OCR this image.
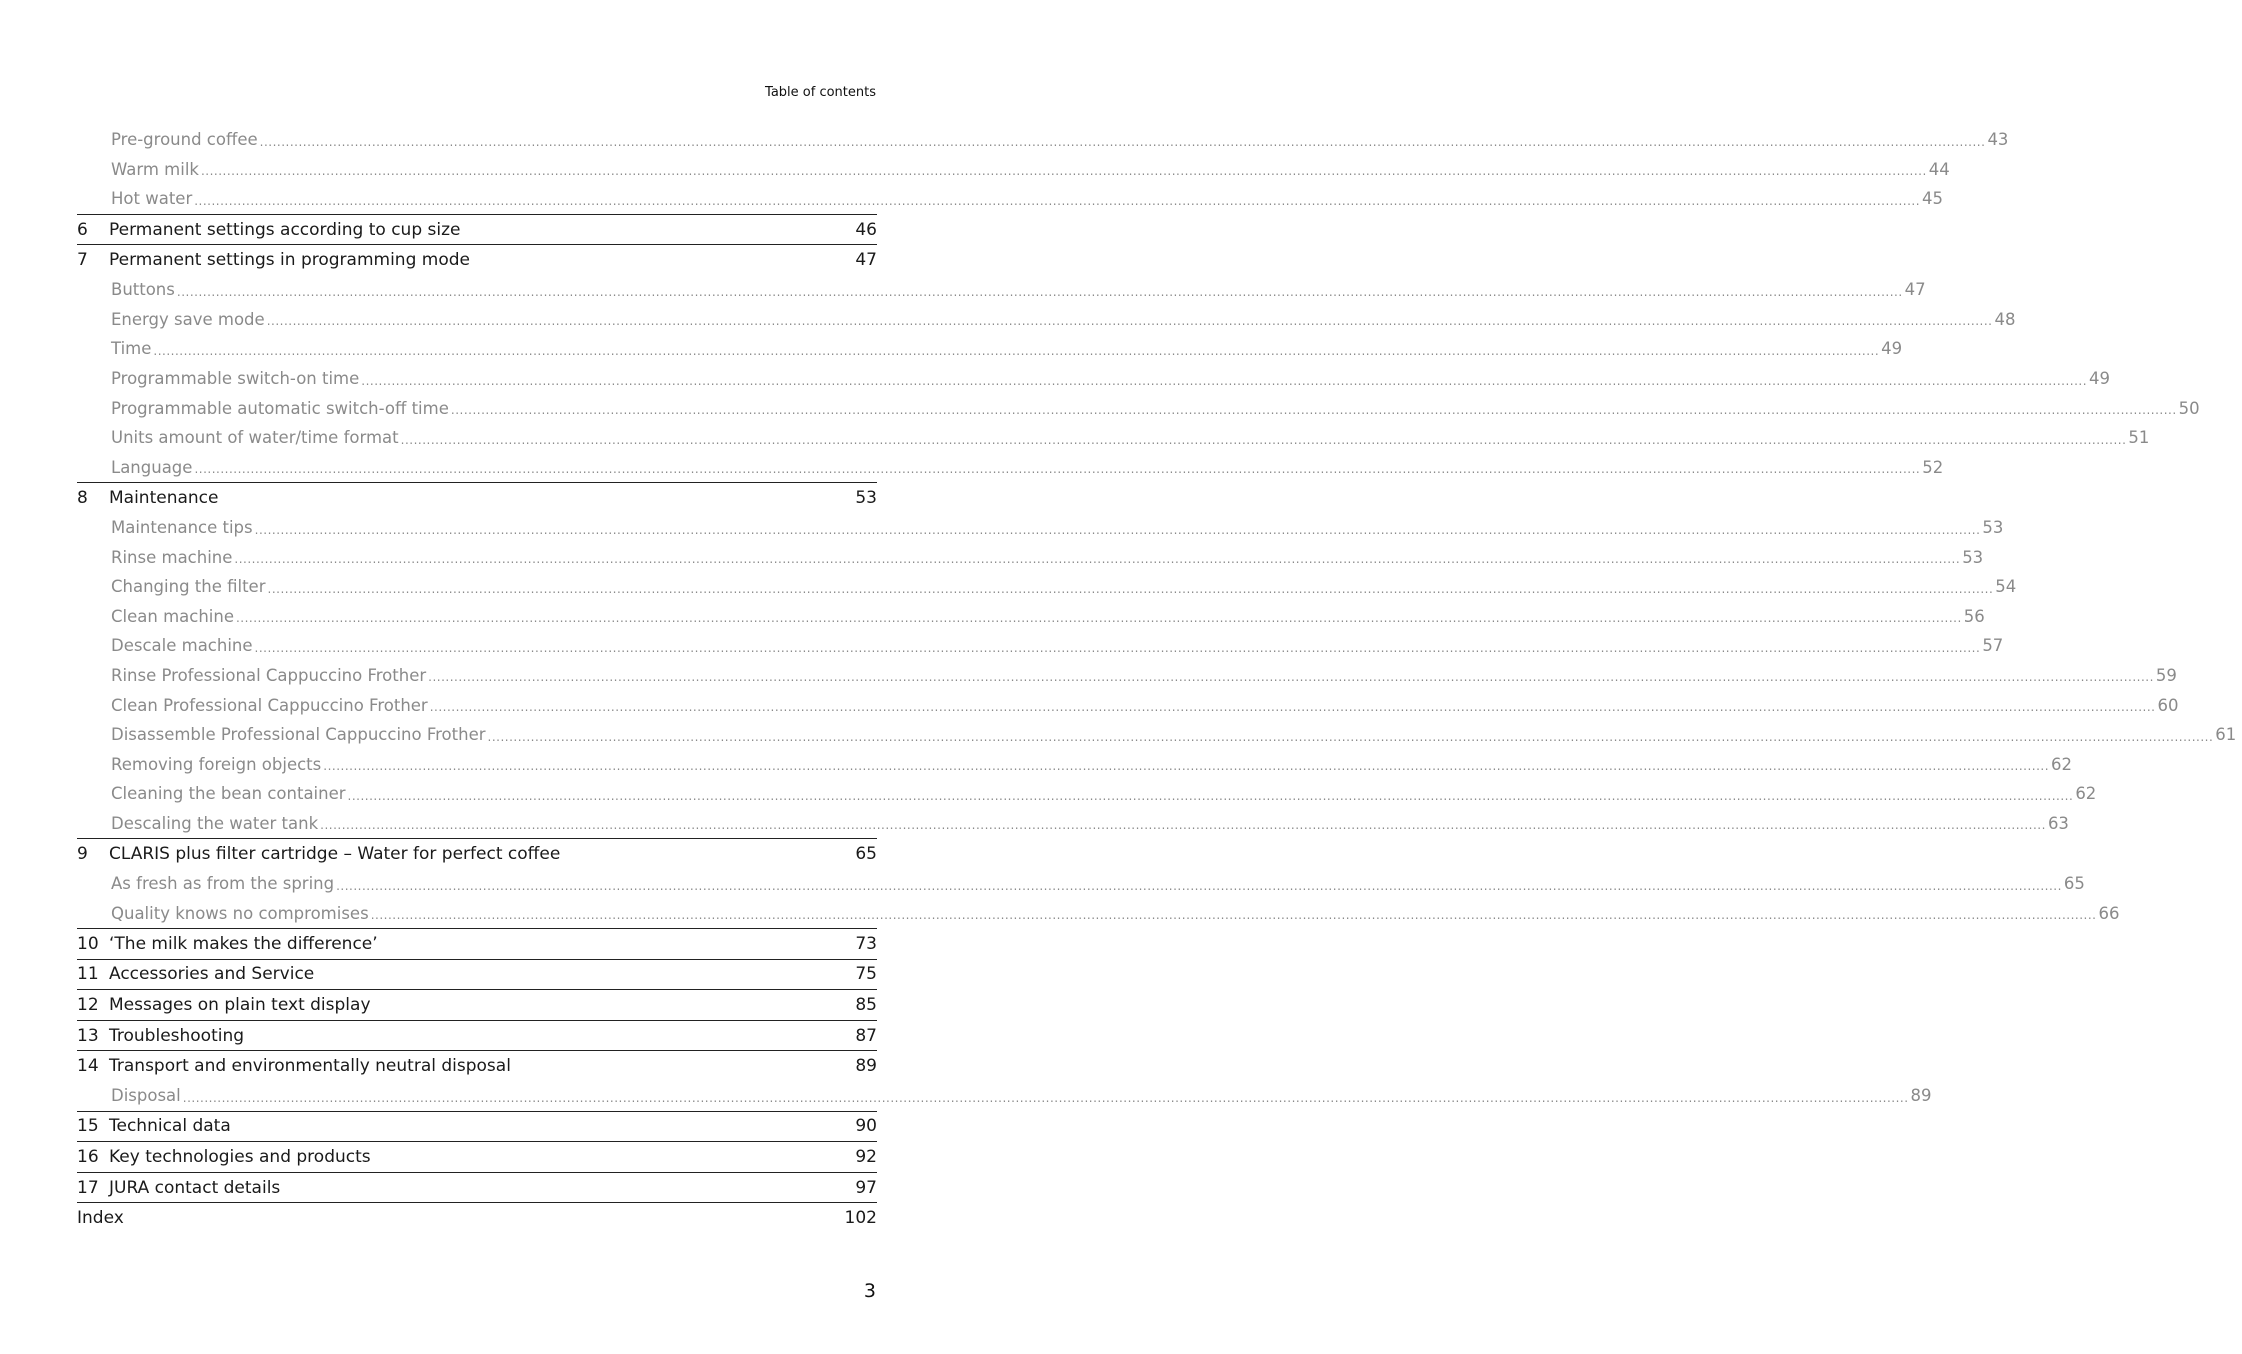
Table of contents
Pre-ground coffee ................................................................................................................................................................................................................................................................................................................................................................................................................ 43
Warm milk ................................................................................................................................................................................................................................................................................................................................................................................................................ 44
Hot water ................................................................................................................................................................................................................................................................................................................................................................................................................ 45
6	Permanent settings according to cup size	46
7	Permanent settings in programming mode	47
Buttons ................................................................................................................................................................................................................................................................................................................................................................................................................ 47
Energy save mode ................................................................................................................................................................................................................................................................................................................................................................................................................ 48
Time ................................................................................................................................................................................................................................................................................................................................................................................................................ 49
Programmable switch-on time ................................................................................................................................................................................................................................................................................................................................................................................................................ 49
Programmable automatic switch-off time ................................................................................................................................................................................................................................................................................................................................................................................................................ 50
Units amount of water/time format ................................................................................................................................................................................................................................................................................................................................................................................................................ 51
Language ................................................................................................................................................................................................................................................................................................................................................................................................................ 52
8	Maintenance	53
Maintenance tips ................................................................................................................................................................................................................................................................................................................................................................................................................ 53
Rinse machine ................................................................................................................................................................................................................................................................................................................................................................................................................ 53
Changing the filter ................................................................................................................................................................................................................................................................................................................................................................................................................ 54
Clean machine ................................................................................................................................................................................................................................................................................................................................................................................................................ 56
Descale machine ................................................................................................................................................................................................................................................................................................................................................................................................................ 57
Rinse Professional Cappuccino Frother ................................................................................................................................................................................................................................................................................................................................................................................................................ 59
Clean Professional Cappuccino Frother ................................................................................................................................................................................................................................................................................................................................................................................................................ 60
Disassemble Professional Cappuccino Frother ................................................................................................................................................................................................................................................................................................................................................................................................................ 61
Removing foreign objects ................................................................................................................................................................................................................................................................................................................................................................................................................ 62
Cleaning the bean container ................................................................................................................................................................................................................................................................................................................................................................................................................ 62
Descaling the water tank ................................................................................................................................................................................................................................................................................................................................................................................................................ 63
9	CLARIS plus filter cartridge – Water for perfect coffee	65
As fresh as from the spring ................................................................................................................................................................................................................................................................................................................................................................................................................ 65
Quality knows no compromises ................................................................................................................................................................................................................................................................................................................................................................................................................ 66
10 ‘The milk makes the difference’	73
11 Accessories and Service	75
12 Messages on plain text display	85
13 Troubleshooting	87
14 Transport and environmentally neutral disposal	89
Disposal ................................................................................................................................................................................................................................................................................................................................................................................................................ 89
15 Technical data	90
16 Key technologies and products	92
17 JURA contact details	97
Index	102
3
